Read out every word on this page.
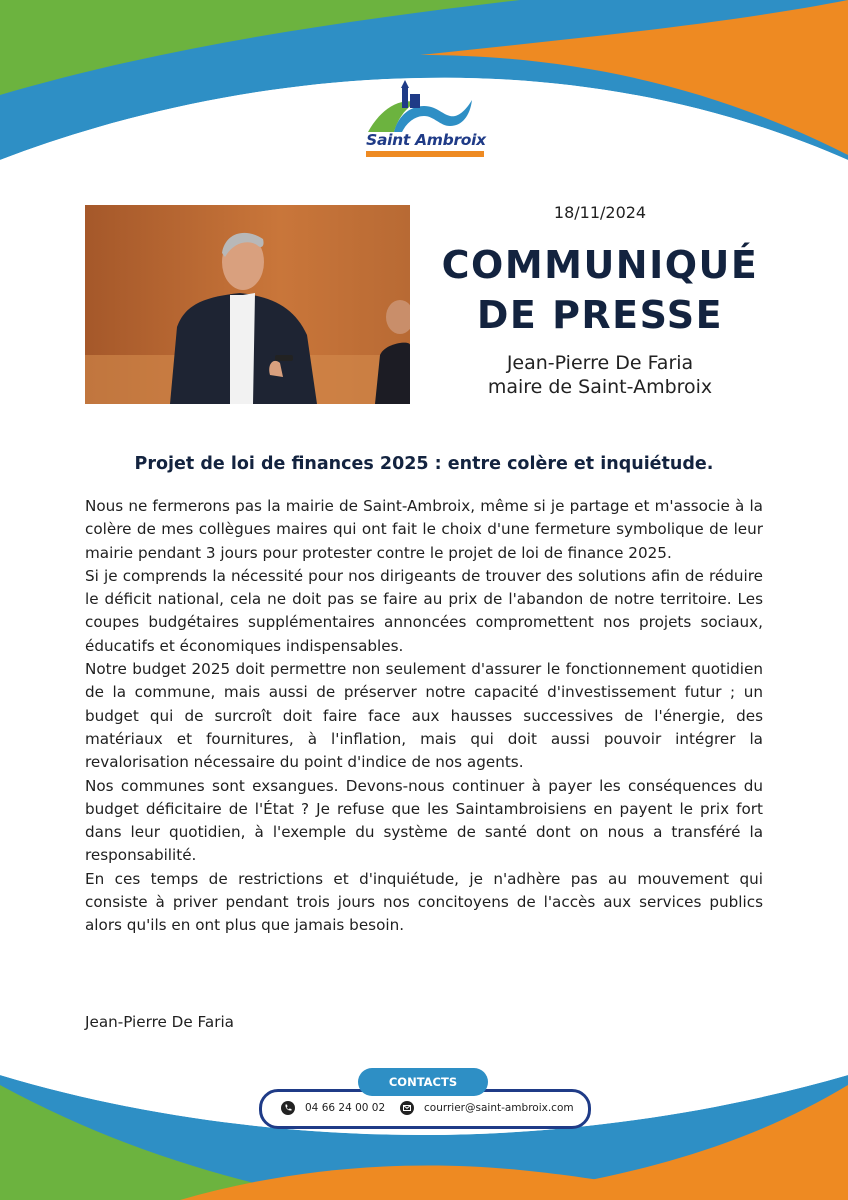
Saint Ambroix
18/11/2024
COMMUNIQUÉ
DE PRESSE
Jean-Pierre De Faria
maire de Saint-Ambroix
Projet de loi de finances 2025 : entre colère et inquiétude.

Nous ne fermerons pas la mairie de Saint-Ambroix, même si je partage et m'associe à la colère de mes collègues maires qui ont fait le choix d'une fermeture symbolique de leur mairie pendant 3 jours pour protester contre le projet de loi de finance 2025.

Si je comprends la nécessité pour nos dirigeants de trouver des solutions afin de réduire le déficit national, cela ne doit pas se faire au prix de l'abandon de notre territoire. Les coupes budgétaires supplémentaires annoncées compromettent nos projets sociaux, éducatifs et économiques indispensables.

Notre budget 2025 doit permettre non seulement d'assurer le fonctionnement quotidien de la commune, mais aussi de préserver notre capacité d'investissement futur ; un budget qui de surcroît doit faire face aux hausses successives de l'énergie, des matériaux et fournitures, à l'inflation, mais qui doit aussi pouvoir intégrer la revalorisation nécessaire du point d'indice de nos agents.

Nos communes sont exsangues. Devons-nous continuer à payer les conséquences du budget déficitaire de l'État ? Je refuse que les Saintambroisiens en payent le prix fort dans leur quotidien, à l'exemple du système de santé dont on nous a transféré la responsabilité.

En ces temps de restrictions et d'inquiétude, je n'adhère pas au mouvement qui consiste à priver pendant trois jours nos concitoyens de l'accès aux services publics alors qu'ils en ont plus que jamais besoin.

Jean-Pierre De Faria
CONTACTS
04 66 24 00 02	courrier@saint-ambroix.com
